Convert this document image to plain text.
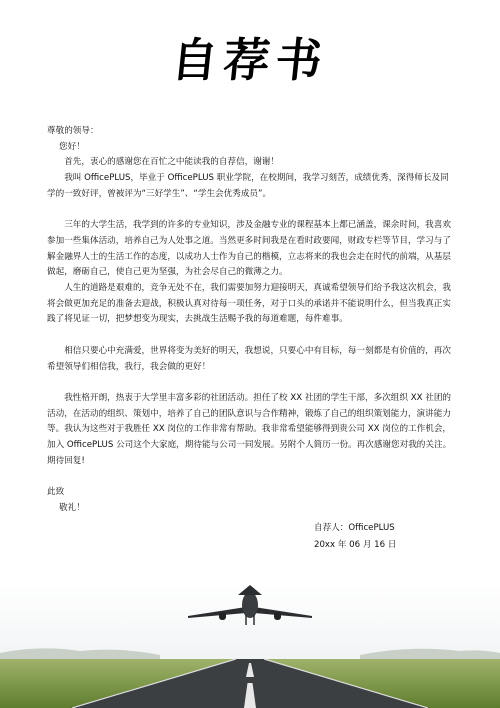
自荐书

尊敬的领导：

您好！

首先，衷心的感谢您在百忙之中能读我的自荐信，谢谢！

我叫 OfficePLUS，毕业于 OfficePLUS 职业学院，在校期间，我学习刻苦，成绩优秀，深得师长及同学的一致好评，曾被评为“三好学生”、“学生会优秀成员”。

三年的大学生活，我学到的许多的专业知识，涉及金融专业的课程基本上都已涵盖，课余时间，我喜欢参加一些集体活动，培养自己为人处事之道。当然更多时间我是在看时政要闻，财政专栏等节目，学习与了解金融界人士的生活工作的态度，以成功人士作为自己的楷模，立志将来的我也会走在时代的前端，从基层做起，磨砺自己，使自己更为坚强，为社会尽自己的微薄之力。

人生的道路是艰难的，竞争无处不在，我们需要加努力迎接明天，真诚希望领导们给予我这次机会，我将会做更加充足的准备去迎战，积极认真对待每一项任务，对于口头的承诺并不能说明什么，但当我真正实践了将见证一切，把梦想变为现实，去挑战生活赐予我的每道难题，每件难事。

相信只要心中充满爱，世界将变为美好的明天，我想说，只要心中有目标，每一刻都是有价值的，再次希望领导们相信我，我行，我会做的更好！

我性格开朗，热衷于大学里丰富多彩的社团活动。担任了校 XX 社团的学生干部，多次组织 XX 社团的活动，在活动的组织、策划中，培养了自己的团队意识与合作精神，锻炼了自己的组织策划能力，演讲能力等。我认为这些对于我胜任 XX 岗位的工作非常有帮助。我非常希望能够得到贵公司 XX 岗位的工作机会，加入 OfficePLUS 公司这个大家庭，期待能与公司一同发展。另附个人简历一份。再次感谢您对我的关注。期待回复!

此致

敬礼！

自荐人：OfficePLUS
20xx 年 06 月 16 日
